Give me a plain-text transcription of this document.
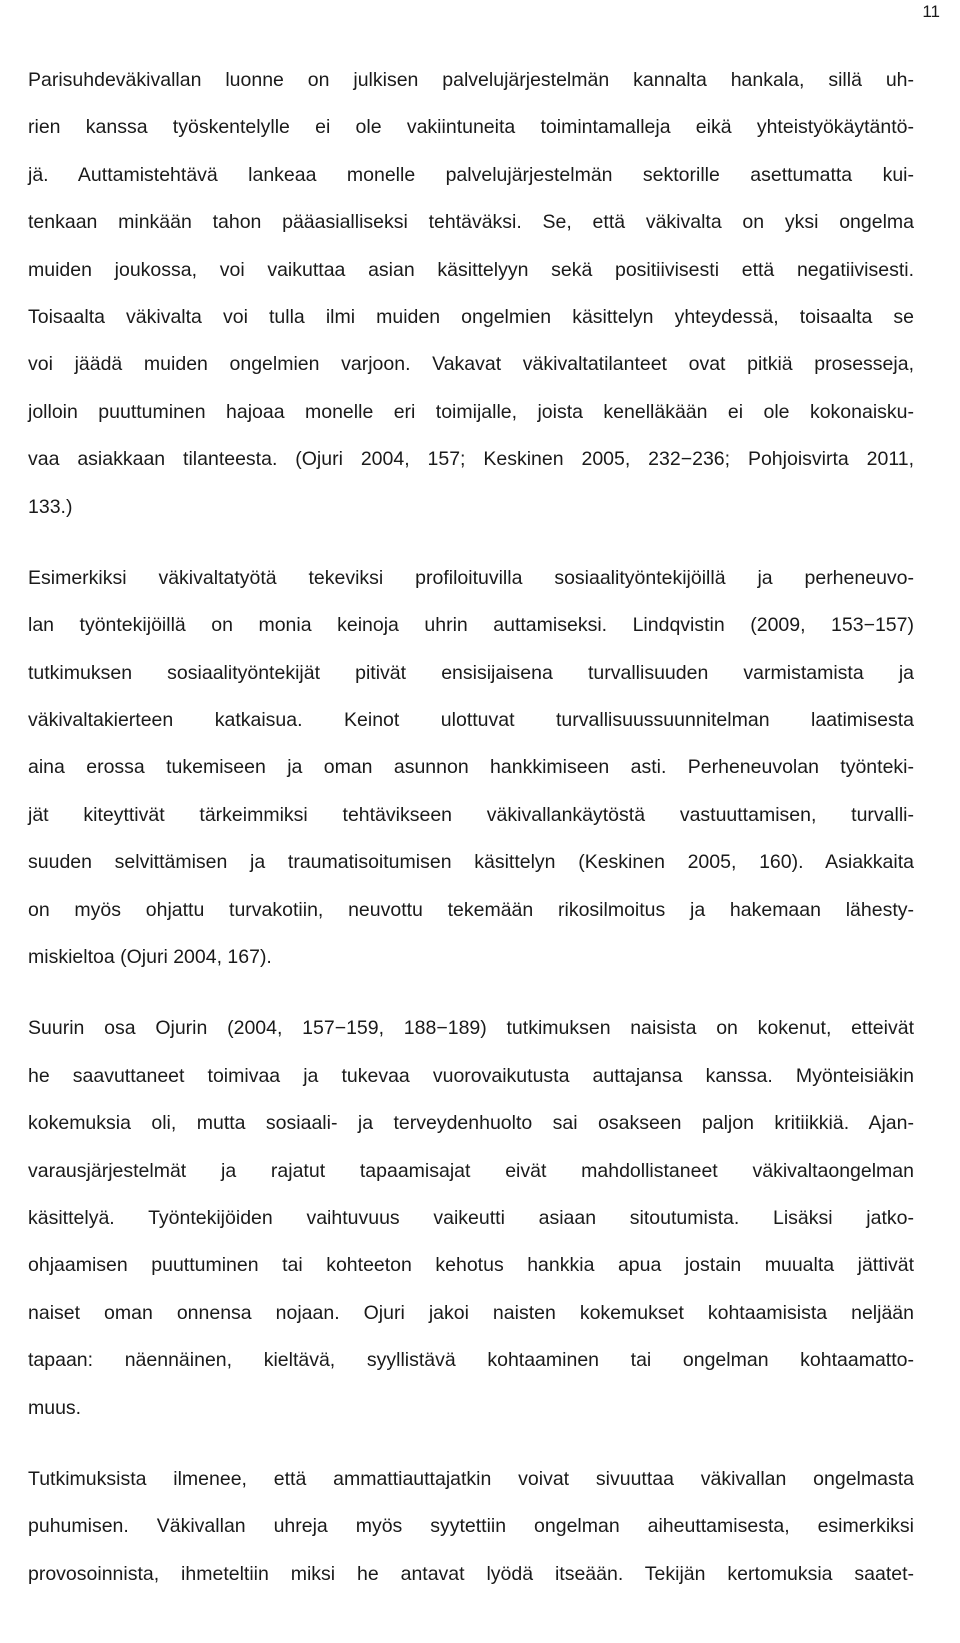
11
Parisuhdeväkivallan luonne on julkisen palvelujärjestelmän kannalta hankala, sillä uh-
rien kanssa työskentelylle ei ole vakiintuneita toimintamalleja eikä yhteistyökäytäntö-
jä. Auttamistehtävä lankeaa monelle palvelujärjestelmän sektorille asettumatta kui-
tenkaan minkään tahon pääasialliseksi tehtäväksi. Se, että väkivalta on yksi ongelma
muiden joukossa, voi vaikuttaa asian käsittelyyn sekä positiivisesti että negatiivisesti.
Toisaalta väkivalta voi tulla ilmi muiden ongelmien käsittelyn yhteydessä, toisaalta se
voi jäädä muiden ongelmien varjoon. Vakavat väkivaltatilanteet ovat pitkiä prosesseja,
jolloin puuttuminen hajoaa monelle eri toimijalle, joista kenelläkään ei ole kokonaisku-
vaa asiakkaan tilanteesta. (Ojuri 2004, 157; Keskinen 2005, 232−236; Pohjoisvirta 2011,
133.)
Esimerkiksi väkivaltatyötä tekeviksi profiloituvilla sosiaalityöntekijöillä ja perheneuvo-
lan työntekijöillä on monia keinoja uhrin auttamiseksi. Lindqvistin (2009, 153−157)
tutkimuksen sosiaalityöntekijät pitivät ensisijaisena turvallisuuden varmistamista ja
väkivaltakierteen katkaisua. Keinot ulottuvat turvallisuussuunnitelman laatimisesta
aina erossa tukemiseen ja oman asunnon hankkimiseen asti. Perheneuvolan työnteki-
jät kiteyttivät tärkeimmiksi tehtävikseen väkivallankäytöstä vastuuttamisen, turvalli-
suuden selvittämisen ja traumatisoitumisen käsittelyn (Keskinen 2005, 160). Asiakkaita
on myös ohjattu turvakotiin, neuvottu tekemään rikosilmoitus ja hakemaan lähesty-
miskieltoa (Ojuri 2004, 167).
Suurin osa Ojurin (2004, 157−159, 188−189) tutkimuksen naisista on kokenut, etteivät
he saavuttaneet toimivaa ja tukevaa vuorovaikutusta auttajansa kanssa. Myönteisiäkin
kokemuksia oli, mutta sosiaali- ja terveydenhuolto sai osakseen paljon kritiikkiä. Ajan-
varausjärjestelmät ja rajatut tapaamisajat eivät mahdollistaneet väkivaltaongelman
käsittelyä. Työntekijöiden vaihtuvuus vaikeutti asiaan sitoutumista. Lisäksi jatko-
ohjaamisen puuttuminen tai kohteeton kehotus hankkia apua jostain muualta jättivät
naiset oman onnensa nojaan. Ojuri jakoi naisten kokemukset kohtaamisista neljään
tapaan: näennäinen, kieltävä, syyllistävä kohtaaminen tai ongelman kohtaamatto-
muus.
Tutkimuksista ilmenee, että ammattiauttajatkin voivat sivuuttaa väkivallan ongelmasta
puhumisen. Väkivallan uhreja myös syytettiin ongelman aiheuttamisesta, esimerkiksi
provosoinnista, ihmeteltiin miksi he antavat lyödä itseään. Tekijän kertomuksia saatet-
